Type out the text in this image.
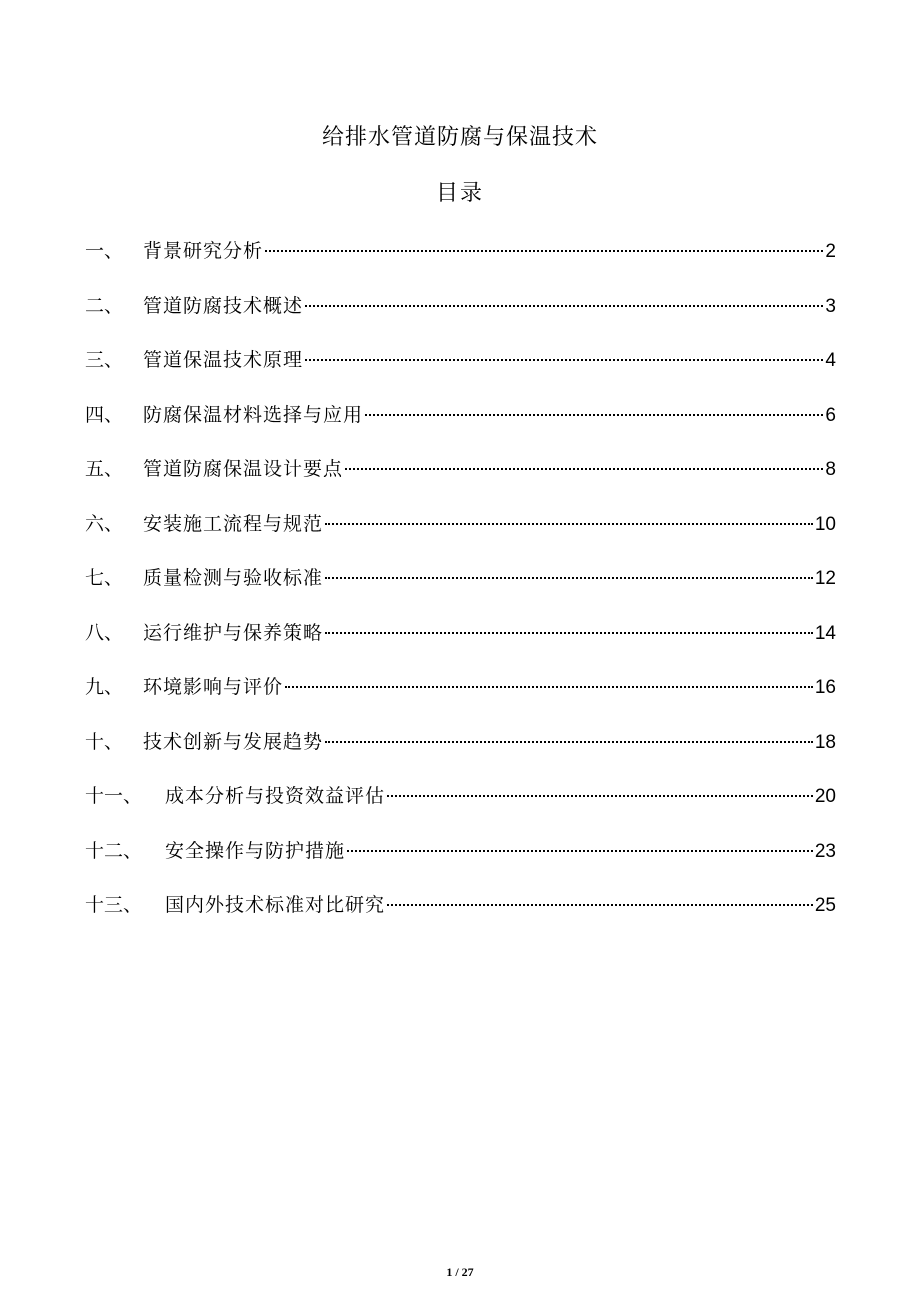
给排水管道防腐与保温技术
目录
一、	背景研究分析	2
二、	管道防腐技术概述	3
三、	管道保温技术原理	4
四、	防腐保温材料选择与应用	6
五、	管道防腐保温设计要点	8
六、	安装施工流程与规范	10
七、	质量检测与验收标准	12
八、	运行维护与保养策略	14
九、	环境影响与评价	16
十、	技术创新与发展趋势	18
十一、	成本分析与投资效益评估	20
十二、	安全操作与防护措施	23
十三、	国内外技术标准对比研究	25
1 / 27
